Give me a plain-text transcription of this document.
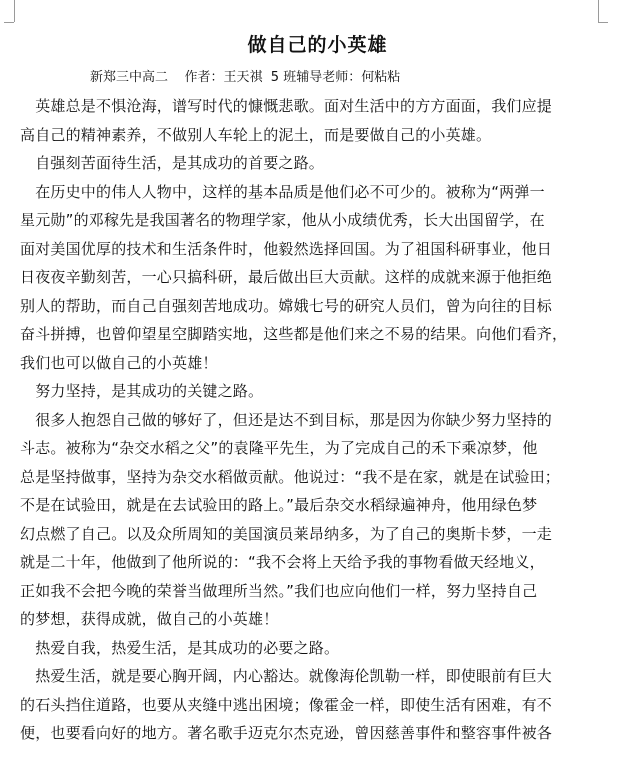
做自己的小英雄
新郑三中高二    作者：王天祺  5 班辅导老师：何粘粘
　英雄总是不惧沧海，谱写时代的慷慨悲歌。面对生活中的方方面面，我们应提
高自己的精神素养，不做别人车轮上的泥土，而是要做自己的小英雄。
　自强刻苦面待生活，是其成功的首要之路。
　在历史中的伟人人物中，这样的基本品质是他们必不可少的。被称为“两弹一
星元勋”的邓稼先是我国著名的物理学家，他从小成绩优秀，长大出国留学，在
面对美国优厚的技术和生活条件时，他毅然选择回国。为了祖国科研事业，他日
日夜夜辛勤刻苦，一心只搞科研，最后做出巨大贡献。这样的成就来源于他拒绝
别人的帮助，而自己自强刻苦地成功。嫦娥七号的研究人员们，曾为向往的目标
奋斗拼搏，也曾仰望星空脚踏实地，这些都是他们来之不易的结果。向他们看齐，
我们也可以做自己的小英雄！
　努力坚持，是其成功的关键之路。
　很多人抱怨自己做的够好了，但还是达不到目标，那是因为你缺少努力坚持的
斗志。被称为“杂交水稻之父”的袁隆平先生，为了完成自己的禾下乘凉梦，他
总是坚持做事，坚持为杂交水稻做贡献。他说过：“我不是在家，就是在试验田；
不是在试验田，就是在去试验田的路上。”最后杂交水稻绿遍神舟，他用绿色梦
幻点燃了自己。以及众所周知的美国演员莱昂纳多，为了自己的奥斯卡梦，一走
就是二十年，他做到了他所说的：“我不会将上天给予我的事物看做天经地义，
正如我不会把今晚的荣誉当做理所当然。”我们也应向他们一样，努力坚持自己
的梦想，获得成就，做自己的小英雄！
　热爱自我，热爱生活，是其成功的必要之路。
　热爱生活，就是要心胸开阔，内心豁达。就像海伦凯勒一样，即使眼前有巨大
的石头挡住道路，也要从夹缝中逃出困境；像霍金一样，即使生活有困难，有不
便，也要看向好的地方。著名歌手迈克尔杰克逊，曾因慈善事件和整容事件被各
